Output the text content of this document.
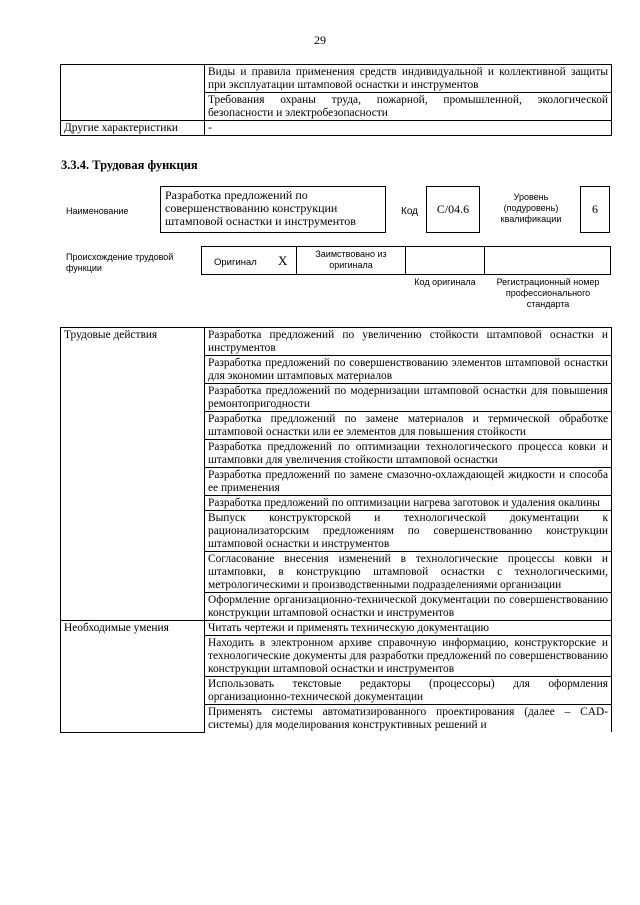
29
	Виды и правила применения средств индивидуальной и коллективной защиты при эксплуатации штамповой оснастки и инструментов
	Требования охраны труда, пожарной, промышленной, экологической безопасности и электробезопасности
Другие характеристики	-
3.3.4. Трудовая функция
Наименование
Разработка предложений по совершенствованию конструкции штамповой оснастки и инструментов
Код	С/04.6
Уровень (подуровень) квалификации
6
Происхождение трудовой функции	Оригинал X	Заимствовано из оригинала
Код оригинала	Регистрационный номер профессионального стандарта
Трудовые действия	Разработка предложений по увеличению стойкости штамповой оснастки и инструментов
	Разработка предложений по совершенствованию элементов штамповой оснастки для экономии штамповых материалов
	Разработка предложений по модернизации штамповой оснастки для повышения ремонтопригодности
	Разработка предложений по замене материалов и термической обработке штамповой оснастки или ее элементов для повышения стойкости
	Разработка предложений по оптимизации технологического процесса ковки и штамповки для увеличения стойкости штамповой оснастки
	Разработка предложений по замене смазочно-охлаждающей жидкости и способа ее применения
	Разработка предложений по оптимизации нагрева заготовок и удаления окалины
	Выпуск конструкторской и технологической документации к рационализаторским предложениям по совершенствованию конструкции штамповой оснастки и инструментов
	Согласование внесения изменений в технологические процессы ковки и штамповки, в конструкцию штамповой оснастки с технологическими, метрологическими и производственными подразделениями организации
	Оформление организационно-технической документации по совершенствованию конструкции штамповой оснастки и инструментов
Необходимые умения	Читать чертежи и применять техническую документацию
	Находить в электронном архиве справочную информацию, конструкторские и технологические документы для разработки предложений по совершенствованию конструкции штамповой оснастки и инструментов
	Использовать текстовые редакторы (процессоры) для оформления организационно-технической документации
	Применять системы автоматизированного проектирования (далее – CAD-системы) для моделирования конструктивных решений и
